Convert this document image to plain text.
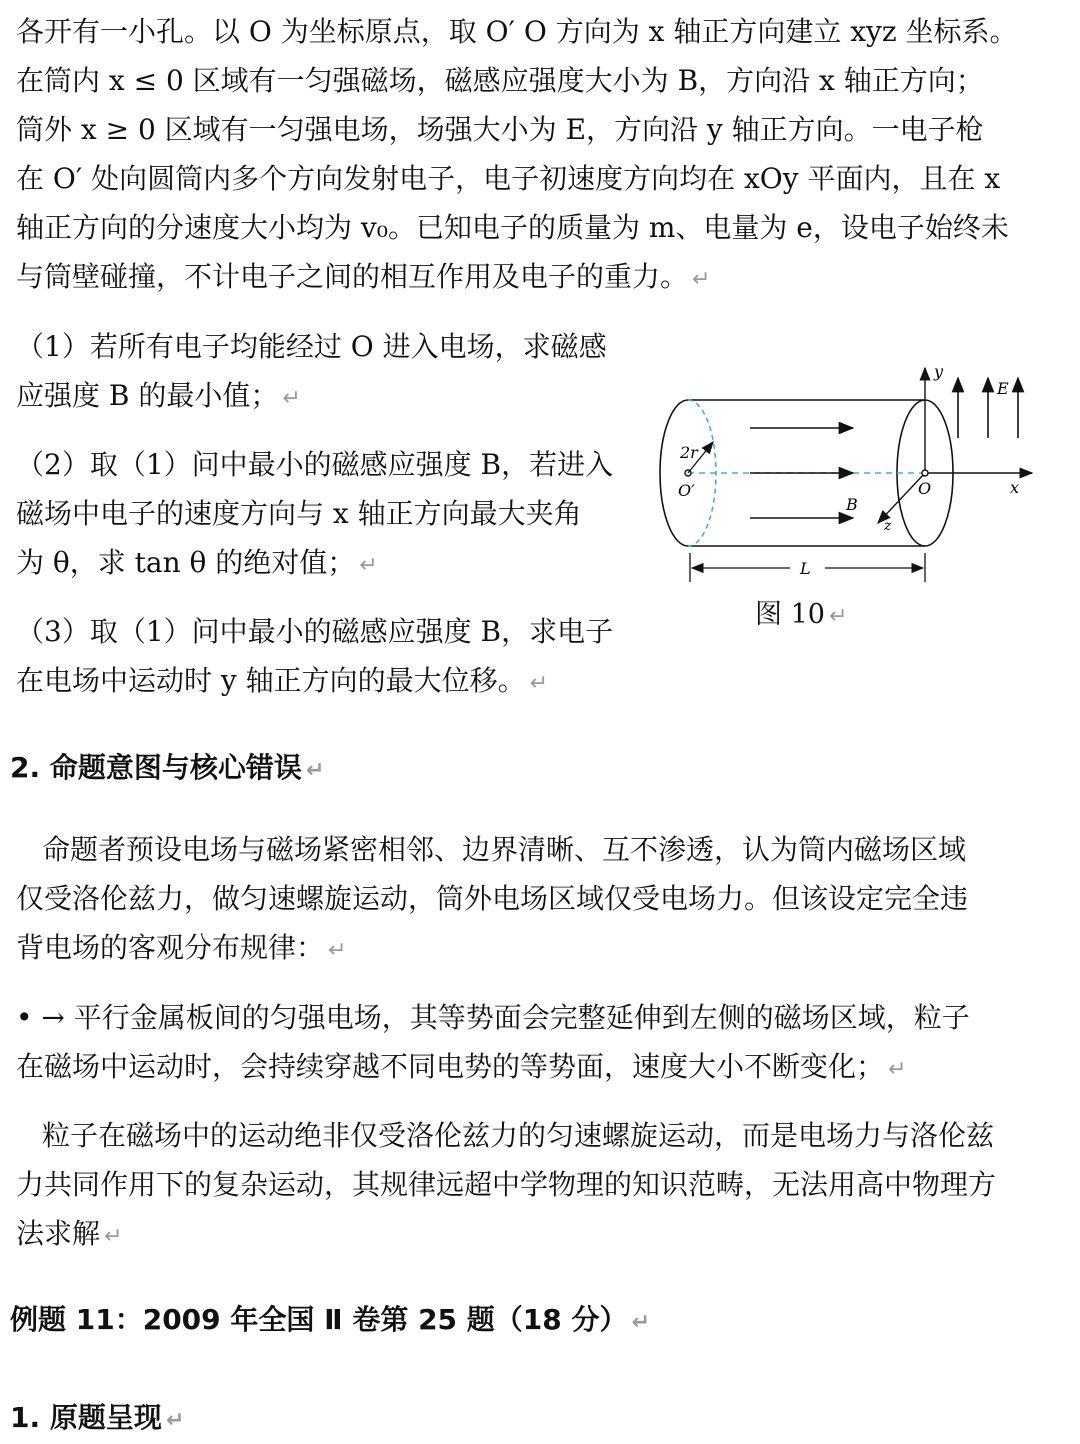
各开有一小孔。以 O 为坐标原点，取 O′ O 方向为 x 轴正方向建立 xyz 坐标系。
在筒内 x ≤ 0 区域有一匀强磁场，磁感应强度大小为 B，方向沿 x 轴正方向；
筒外 x ≥ 0 区域有一匀强电场，场强大小为 E，方向沿 y 轴正方向。一电子枪
在 O′ 处向圆筒内多个方向发射电子，电子初速度方向均在 xOy 平面内，且在 x
轴正方向的分速度大小均为 v₀。已知电子的质量为 m、电量为 e，设电子始终未
与筒壁碰撞，不计电子之间的相互作用及电子的重力。 ↵
（1）若所有电子均能经过 O 进入电场，求磁感
应强度 B 的最小值； ↵
（2）取（1）问中最小的磁感应强度 B，若进入
磁场中电子的速度方向与 x 轴正方向最大夹角
为 θ，求 tan θ 的绝对值； ↵
（3）取（1）问中最小的磁感应强度 B，求电子
在电场中运动时 y 轴正方向的最大位移。 ↵
y
x
z
E
B
L
O
O′
2r
图 10 ↵
2. 命题意图与核心错误 ↵
命题者预设电场与磁场紧密相邻、边界清晰、互不渗透，认为筒内磁场区域
仅受洛伦兹力，做匀速螺旋运动，筒外电场区域仅受电场力。但该设定完全违
背电场的客观分布规律： ↵
• → 平行金属板间的匀强电场，其等势面会完整延伸到左侧的磁场区域，粒子
在磁场中运动时，会持续穿越不同电势的等势面，速度大小不断变化； ↵
粒子在磁场中的运动绝非仅受洛伦兹力的匀速螺旋运动，而是电场力与洛伦兹
力共同作用下的复杂运动，其规律远超中学物理的知识范畴，无法用高中物理方
法求解 ↵
例题 11：2009 年全国 Ⅱ 卷第 25 题（18 分） ↵
1. 原题呈现 ↵
